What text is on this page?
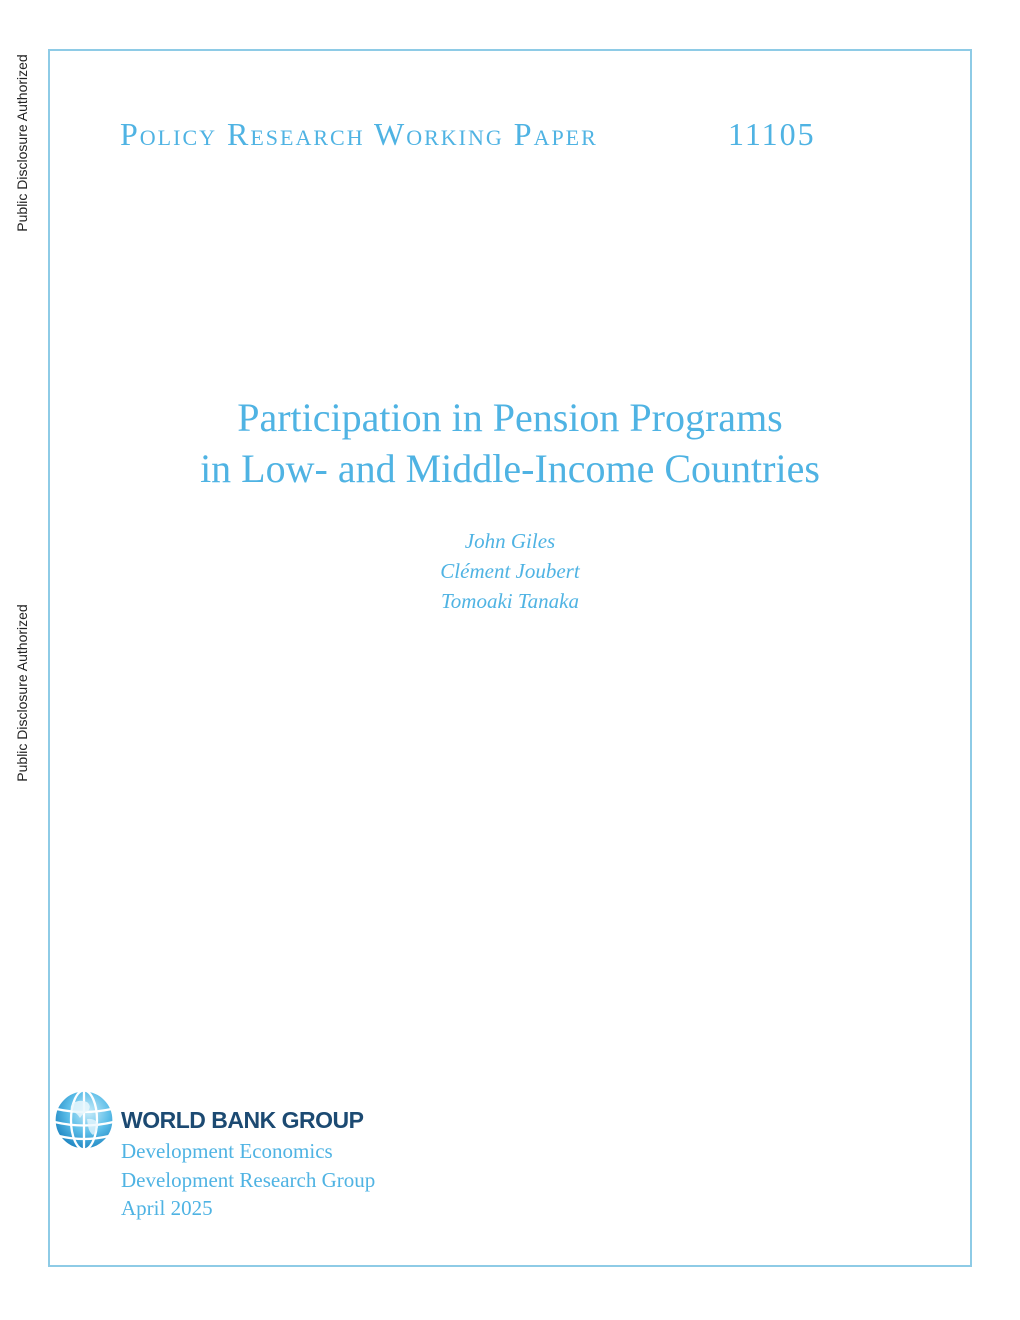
Public Disclosure Authorized
Public Disclosure Authorized
Policy Research Working Paper	11105
Participation in Pension Programs
in Low- and Middle-Income Countries
John Giles
Clément Joubert
Tomoaki Tanaka
WORLD BANK GROUP
Development Economics
Development Research Group
April 2025
